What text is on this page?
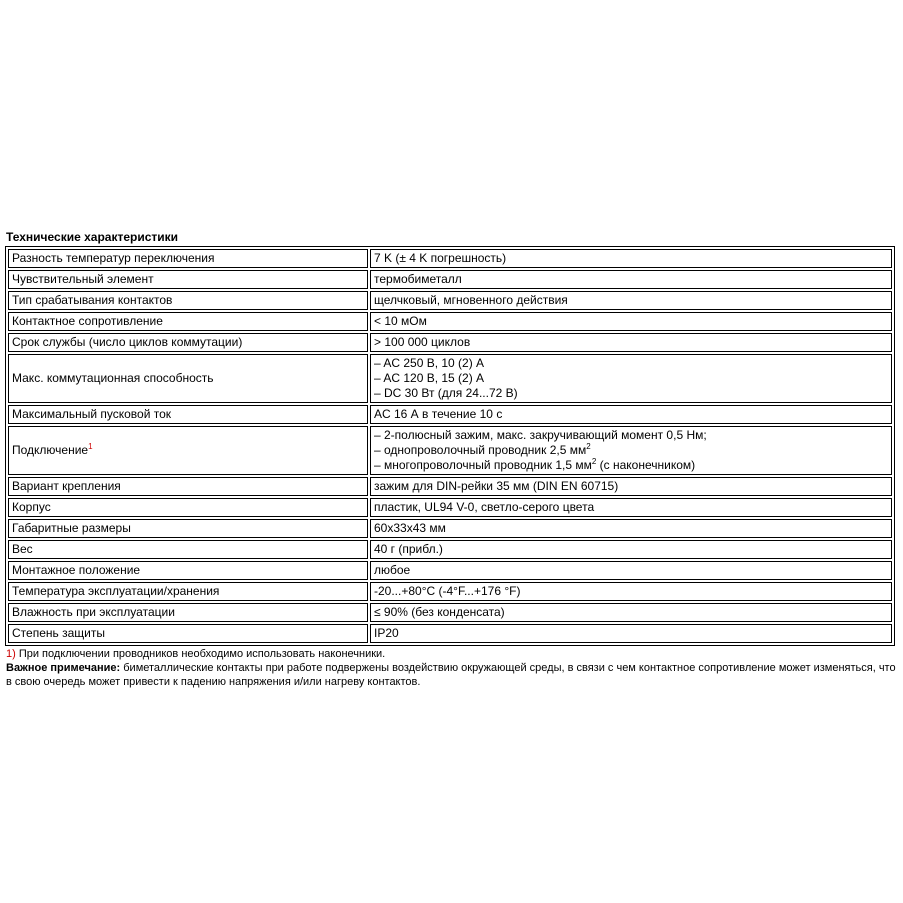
Технические характеристики
Разность температур переключения	7 K (± 4 K погрешность)
Чувствительный элемент	термобиметалл
Тип срабатывания контактов	щелчковый, мгновенного действия
Контактное сопротивление	< 10 мОм
Срок службы (число циклов коммутации)	> 100 000 циклов
Макс. коммутационная способность	– AC 250 В, 10 (2) А
– AC 120 В, 15 (2) А
– DC 30 Вт (для 24...72 В)

Максимальный пусковой ток	AC 16 А в течение 10 с
Подключение$^1$	– 2-полюсный зажим, макс. закручивающий момент 0,5 Нм;
– однопроволочный проводник 2,5 $мм^2$
– многопроволочный проводник 1,5 $мм^2$ (с наконечником)

Вариант крепления	зажим для DIN-рейки 35 мм (DIN EN 60715)
Корпус	пластик, UL94 V-0, светло-серого цвета
Габаритные размеры	60x33x43 мм
Вес	40 г (прибл.)
Монтажное положение	любое
Температура эксплуатации/хранения	-20...+80°C (-4°F...+176 °F)
Влажность при эксплуатации	≤ 90% (без конденсата)
Степень защиты	IP20
1) При подключении проводников необходимо использовать наконечники.
Важное примечание: биметаллические контакты при работе подвержены воздействию окружающей среды, в связи с чем контактное сопротивление может изменяться, что в свою очередь может привести к падению напряжения и/или нагреву контактов.
